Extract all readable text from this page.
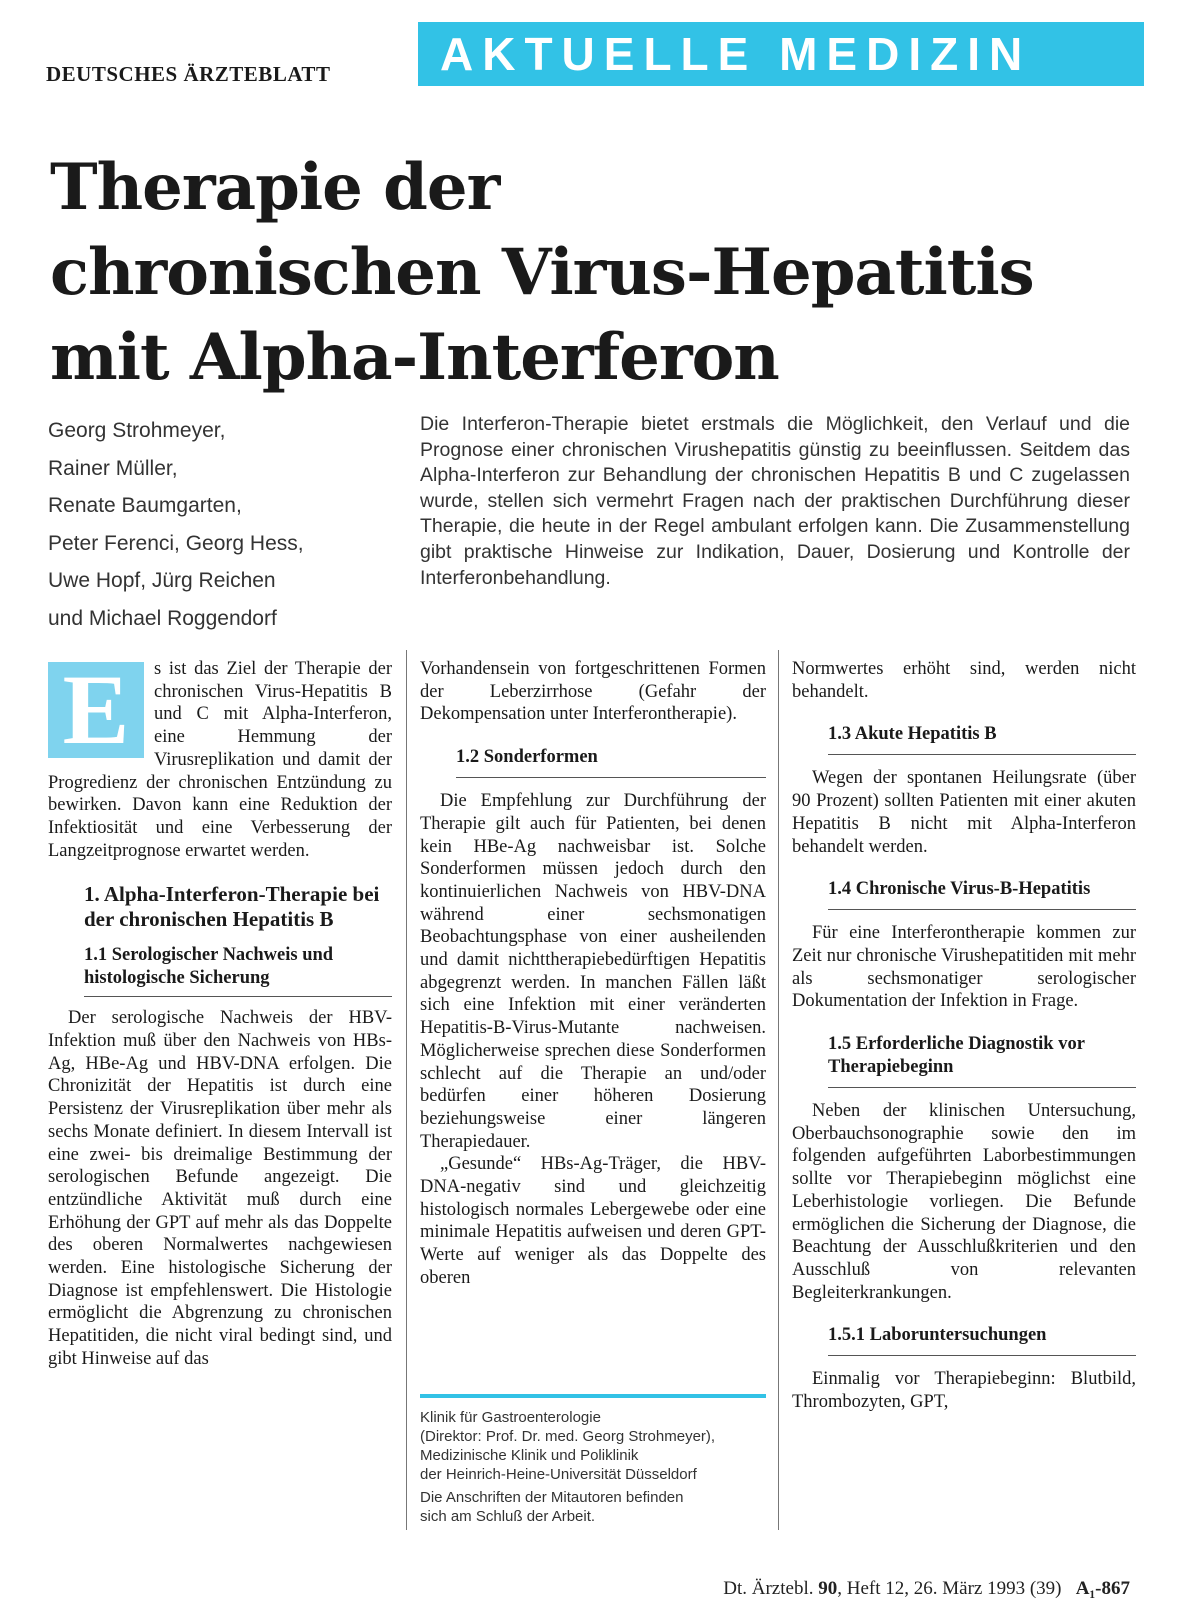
DEUTSCHES ÄRZTEBLATT	AKTUELLE MEDIZIN
Therapie der
chronischen Virus-Hepatitis
mit Alpha-Interferon
Georg Strohmeyer,
Rainer Müller,
Renate Baumgarten,
Peter Ferenci, Georg Hess,
Uwe Hopf, Jürg Reichen
und Michael Roggendorf

Die Interferon-Therapie bietet erstmals die Möglichkeit, den Verlauf und die Prognose einer chronischen Virushepatitis günstig zu beeinflussen. Seitdem das Alpha-Interferon zur Behandlung der chronischen Hepatitis B und C zugelassen wurde, stellen sich vermehrt Fragen nach der praktischen Durchführung dieser Therapie, die heute in der Regel ambulant erfolgen kann. Die Zusammenstellung gibt praktische Hinweise zur Indikation, Dauer, Dosierung und Kontrolle der Interferonbehandlung.

E	s ist das Ziel der Therapie der chronischen Virus-Hepatitis B und C mit Alpha-Interferon, eine Hemmung der Virusreplikation und damit der Progredienz der chronischen Entzündung zu bewirken. Davon kann eine Reduktion der Infektiosität und eine Verbesserung der Langzeitprognose erwartet werden.

1. Alpha-Interferon-Therapie bei der chronischen Hepatitis B
1.1 Serologischer Nachweis und histologische Sicherung

Der serologische Nachweis der HBV-Infektion muß über den Nachweis von HBs-Ag, HBe-Ag und HBV-DNA erfolgen. Die Chronizität der Hepatitis ist durch eine Persistenz der Virusreplikation über mehr als sechs Monate definiert. In diesem Intervall ist eine zwei- bis dreimalige Bestimmung der serologischen Befunde angezeigt. Die entzündliche Aktivität muß durch eine Erhöhung der GPT auf mehr als das Doppelte des oberen Normalwertes nachgewiesen werden. Eine histologische Sicherung der Diagnose ist empfehlenswert. Die Histologie ermöglicht die Abgrenzung zu chronischen Hepatitiden, die nicht viral bedingt sind, und gibt Hinweise auf das

Vorhandensein von fortgeschrittenen Formen der Leberzirrhose (Gefahr der Dekompensation unter Interferontherapie).

1.2 Sonderformen

Die Empfehlung zur Durchführung der Therapie gilt auch für Patienten, bei denen kein HBe-Ag nachweisbar ist. Solche Sonderformen müssen jedoch durch den kontinuierlichen Nachweis von HBV-DNA während einer sechsmonatigen Beobachtungsphase von einer ausheilenden und damit nichttherapiebedürftigen Hepatitis abgegrenzt werden. In manchen Fällen läßt sich eine Infektion mit einer veränderten Hepatitis-B-Virus-Mutante nachweisen. Möglicherweise sprechen diese Sonderformen schlecht auf die Therapie an und/oder bedürfen einer höheren Dosierung beziehungsweise einer längeren Therapiedauer.

„Gesunde“ HBs-Ag-Träger, die HBV-DNA-negativ sind und gleichzeitig histologisch normales Lebergewebe oder eine minimale Hepatitis aufweisen und deren GPT-Werte auf weniger als das Doppelte des oberen

Klinik für Gastroenterologie
(Direktor: Prof. Dr. med. Georg Strohmeyer),
Medizinische Klinik und Poliklinik
der Heinrich-Heine-Universität Düsseldorf
Die Anschriften der Mitautoren befinden
sich am Schluß der Arbeit.

Normwertes erhöht sind, werden nicht behandelt.

1.3 Akute Hepatitis B

Wegen der spontanen Heilungsrate (über 90 Prozent) sollten Patienten mit einer akuten Hepatitis B nicht mit Alpha-Interferon behandelt werden.

1.4 Chronische Virus-B-Hepatitis

Für eine Interferontherapie kommen zur Zeit nur chronische Virushepatitiden mit mehr als sechsmonatiger serologischer Dokumentation der Infektion in Frage.

1.5 Erforderliche Diagnostik vor Therapiebeginn

Neben der klinischen Untersuchung, Oberbauchsonographie sowie den im folgenden aufgeführten Laborbestimmungen sollte vor Therapiebeginn möglichst eine Leberhistologie vorliegen. Die Befunde ermöglichen die Sicherung der Diagnose, die Beachtung der Ausschlußkriterien und den Ausschluß von relevanten Begleiterkrankungen.

1.5.1 Laboruntersuchungen

Einmalig vor Therapiebeginn: Blutbild, Thrombozyten, GPT,

Dt. Ärztebl. 90, Heft 12, 26. März 1993 (39) A₁-867
